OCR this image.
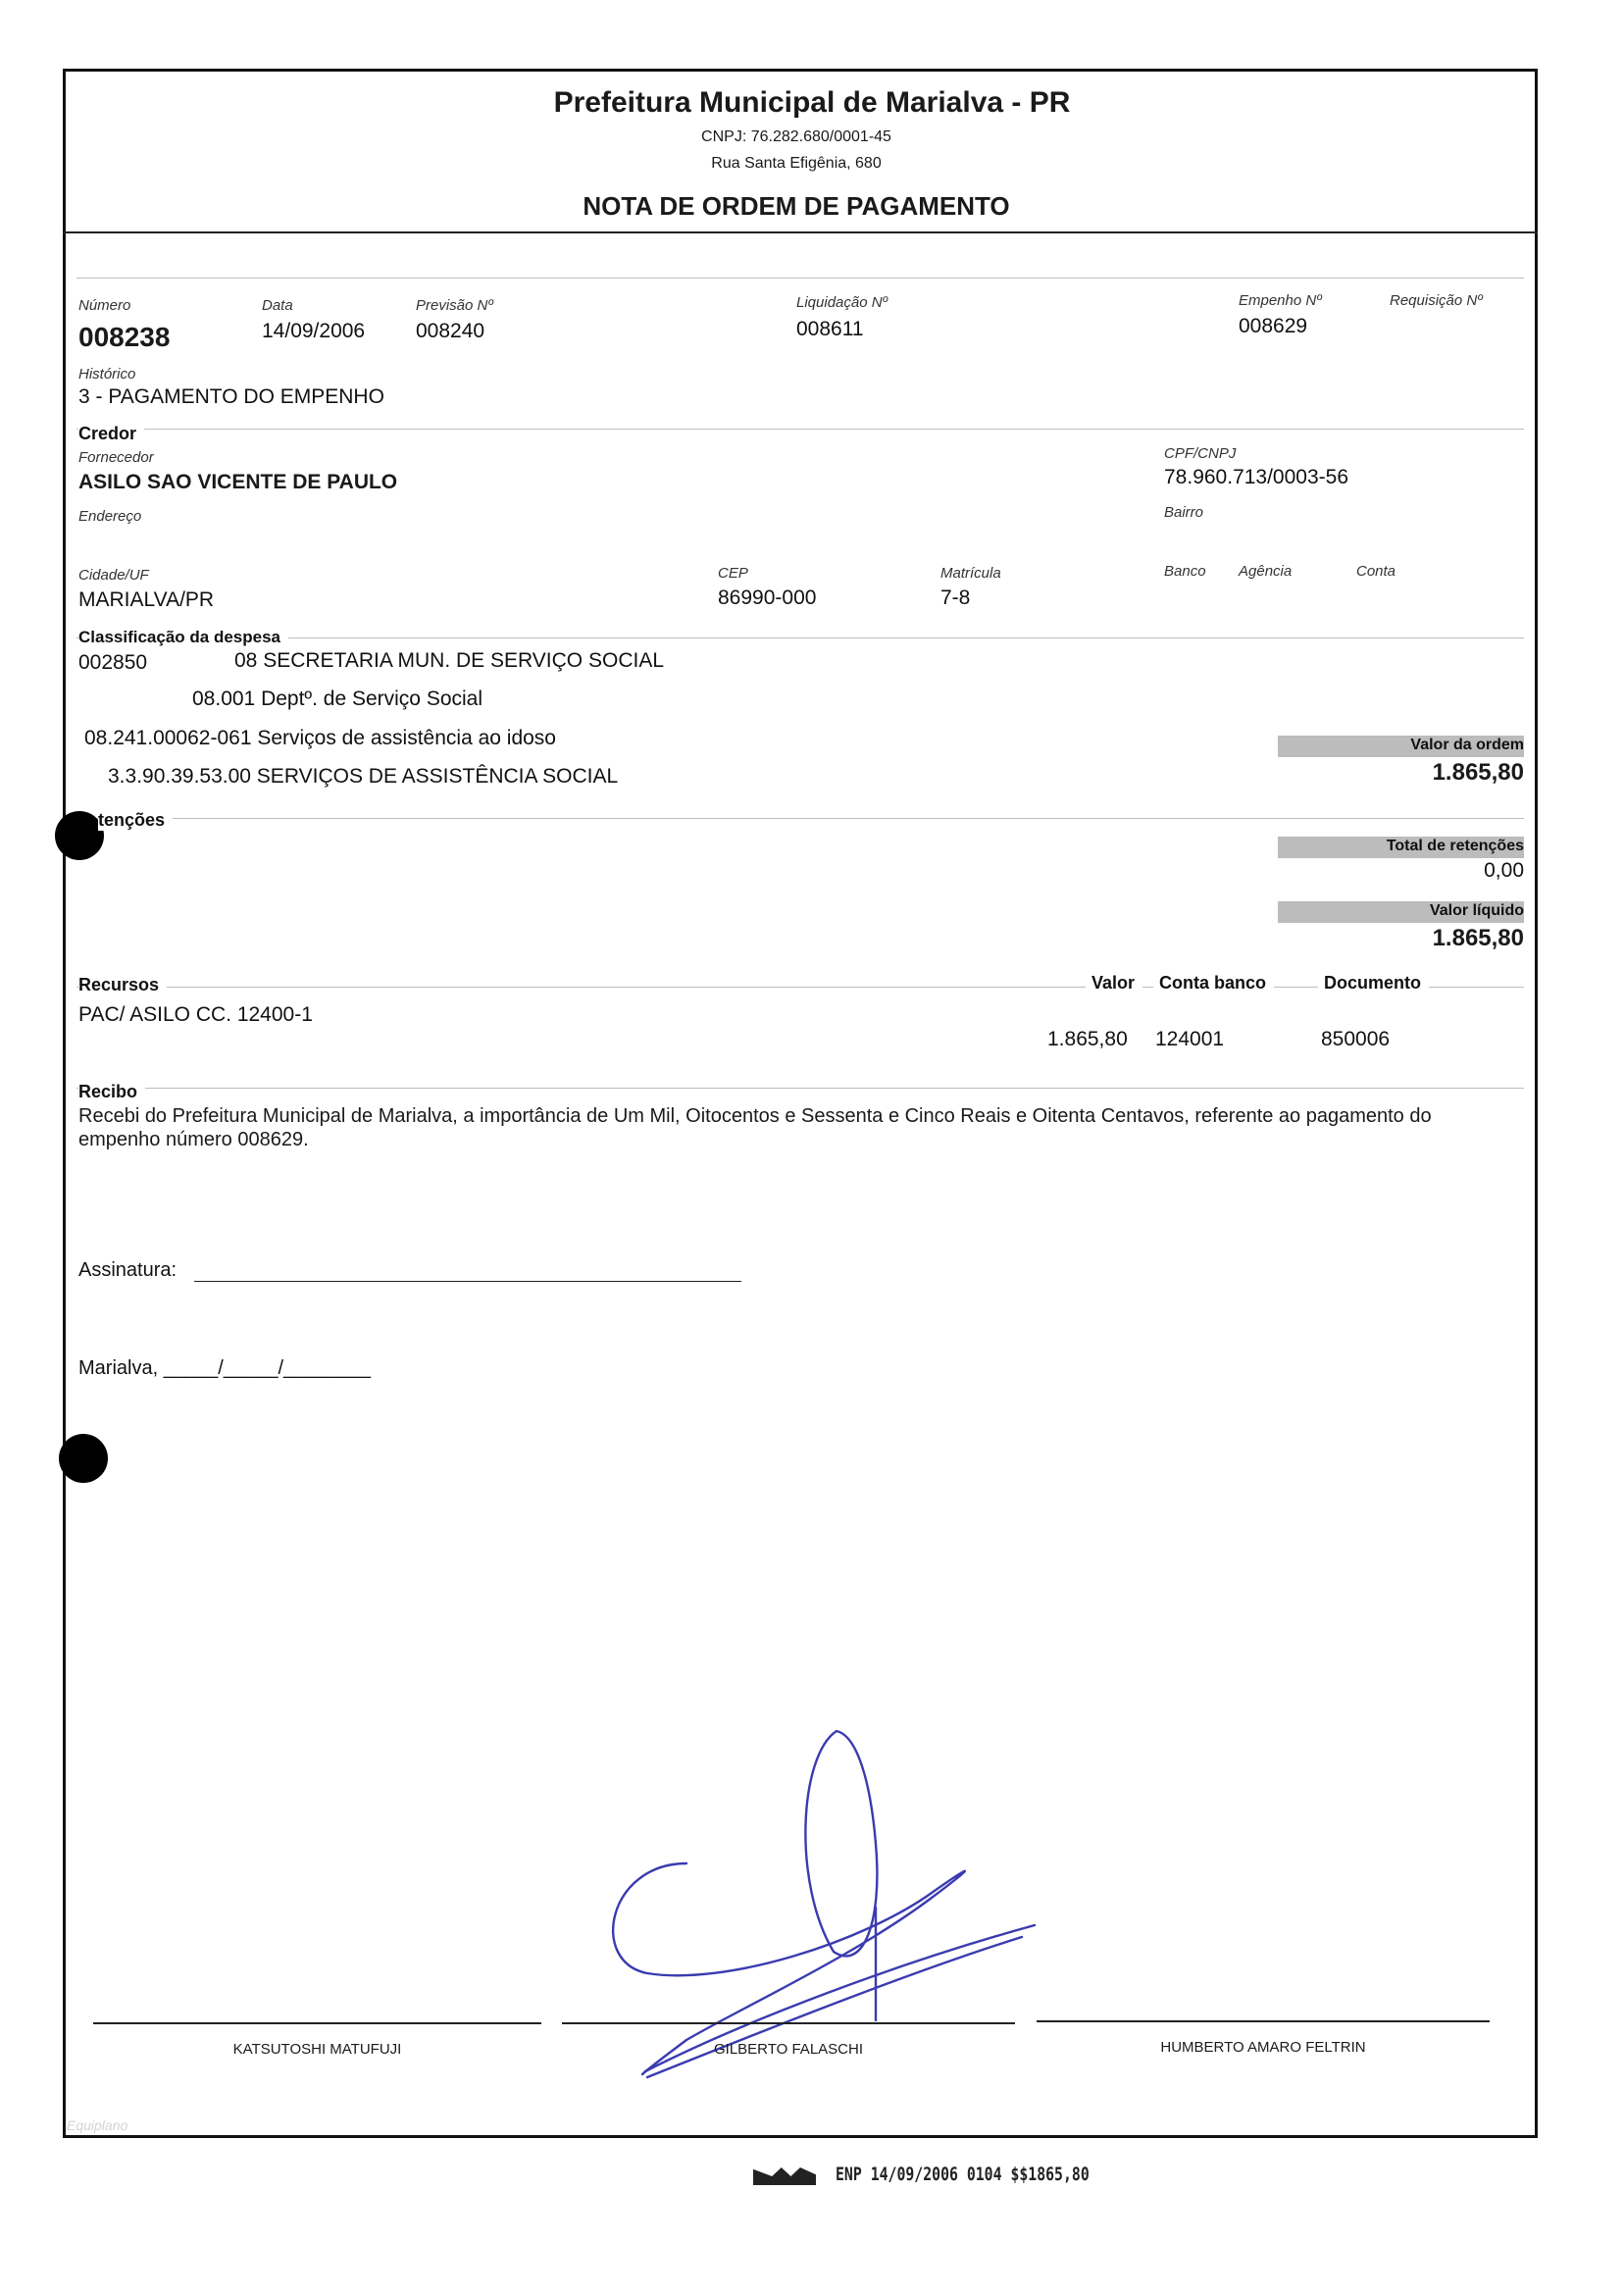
Prefeitura Municipal de Marialva - PR
CNPJ: 76.282.680/0001-45
Rua Santa Efigênia, 680
NOTA DE ORDEM DE PAGAMENTO
Número
008238
Data
14/09/2006
Previsão Nº
008240
Liquidação Nº
008611
Empenho Nº
008629
Requisição Nº
Histórico
3 - PAGAMENTO DO EMPENHO
Credor
Fornecedor
ASILO SAO VICENTE DE PAULO
CPF/CNPJ
78.960.713/0003-56
Endereço	Bairro
Cidade/UF
MARIALVA/PR
CEP
86990-000
Matrícula
7-8
Banco Agência	Conta
Classificação da despesa
002850	08 SECRETARIA MUN. DE SERVIÇO SOCIAL
08.001 Deptº. de Serviço Social
08.241.00062-061 Serviços de assistência ao idoso
3.3.90.39.53.00 SERVIÇOS DE ASSISTÊNCIA SOCIAL
Valor da ordem
1.865,80
tenções
Total de retenções
0,00
Valor líquido
1.865,80
Recursos	Valor	Conta banco	Documento
PAC/ ASILO CC. 12400-1
1.865,80 124001	850006
Recibo
Recebi do Prefeitura Municipal de Marialva, a importância de Um Mil, Oitocentos e Sessenta e Cinco Reais e Oitenta Centavos, referente ao pagamento do empenho número 008629.
Assinatura:
Marialva, _____/_____/________
KATSUTOSHI MATUFUJI	GILBERTO FALASCHI	HUMBERTO AMARO FELTRIN
Equiplano
ENP 14/09/2006 0104 $$1865,80
